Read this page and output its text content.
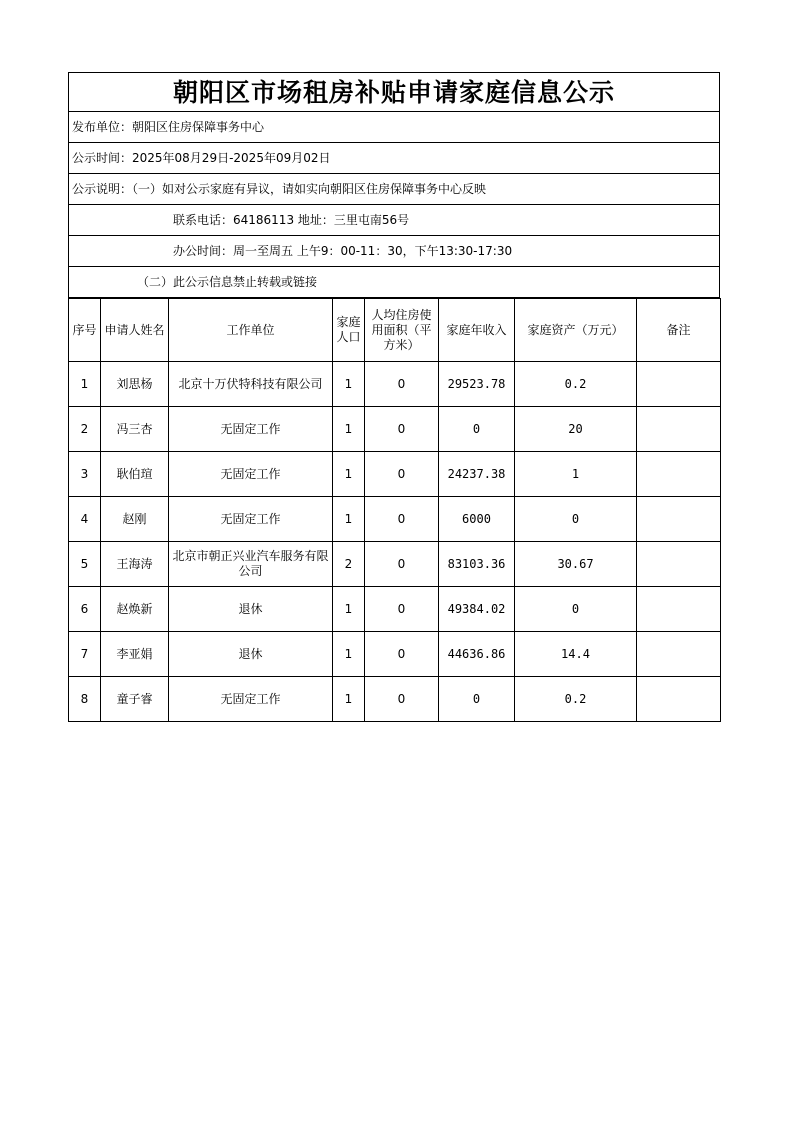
朝阳区市场租房补贴申请家庭信息公示
发布单位：朝阳区住房保障事务中心
公示时间：2025年08月29日-2025年09月02日
公示说明：（一）如对公示家庭有异议，请如实向朝阳区住房保障事务中心反映
联系电话：64186113 地址：三里屯南56号
办公时间：周一至周五 上午9：00-11：30，下午13:30-17:30
（二）此公示信息禁止转载或链接
序号	申请人姓名	工作单位	家庭人口	人均住房使用面积（平方米）	家庭年收入	家庭资产（万元）	备注
1	刘思杨	北京十万伏特科技有限公司	1	0	29523.78	0.2	
2	冯三杏	无固定工作	1	0	0	20	
3	耿伯瑄	无固定工作	1	0	24237.38	1	
4	赵刚	无固定工作	1	0	6000	0	
5	王海涛	北京市朝正兴业汽车服务有限公司	2	0	83103.36	30.67	
6	赵焕新	退休	1	0	49384.02	0	
7	李亚娟	退休	1	0	44636.86	14.4	
8	童子睿	无固定工作	1	0	0	0.2	
